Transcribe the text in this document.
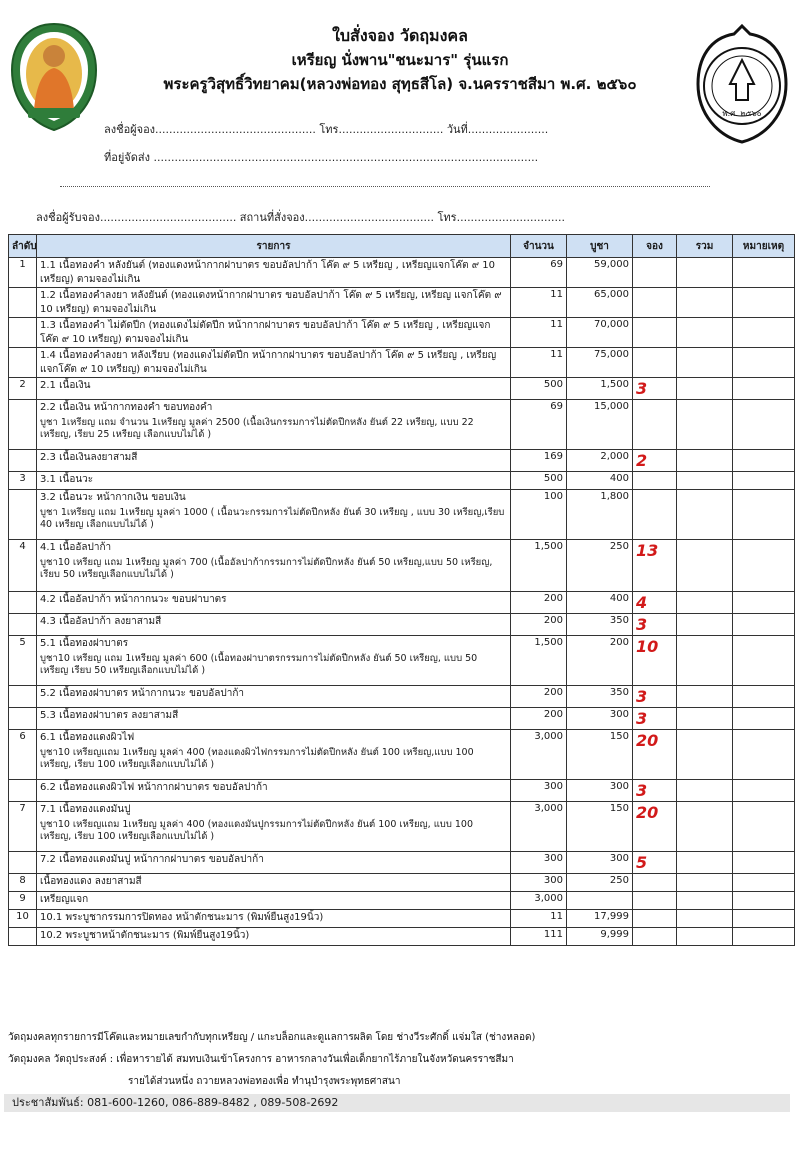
พ.ศ. ๒๕๖๐
ใบสั่งจอง วัดฤมงคล
เหรียญ นั่งพาน"ชนะมาร" รุ่นแรก
พระครูวิสุทธิ์วิทยาคม(หลวงพ่อทอง สุทฺธสีโล) จ.นครราชสีมา พ.ศ. ๒๕๖๐
ลงชื่อผู้จอง.............................................. โทร.............................. วันที่.......................
ที่อยู่จัดส่ง ..............................................................................................................
ลงชื่อผู้รับจอง....................................... สถานที่สั่งจอง..................................... โทร...............................
ลำดับ	รายการ	จำนวน	บูชา	จอง	รวม	หมายเหตุ
1	1.1 เนื้อทองคำ หลังยันต์ (ทองแดงหน้ากากฝาบาตร ขอบอัลปาก้า โค๊ต ๙ 5 เหรียญ , เหรียญแจกโค๊ต ๙ 10 เหรียญ) ตามจองไม่เกิน	69	59,000			

	1.2 เนื้อทองคำลงยา หลังยันต์ (ทองแดงหน้ากากฝาบาตร ขอบอัลปาก้า โค๊ต ๙ 5 เหรียญ, เหรียญ แจกโค๊ต ๙ 10 เหรียญ) ตามจองไม่เกิน	11	65,000			

	1.3 เนื้อทองคำ ไม่ตัดปีก (ทองแดงไม่ตัดปีก หน้ากากฝาบาตร ขอบอัลปาก้า โค๊ต ๙ 5 เหรียญ , เหรียญแจกโค๊ต ๙ 10 เหรียญ) ตามจองไม่เกิน	11	70,000			

	1.4 เนื้อทองคำลงยา หลังเรียบ (ทองแดงไม่ตัดปีก หน้ากากฝาบาตร ขอบอัลปาก้า โค๊ต ๙ 5 เหรียญ , เหรียญแจกโค๊ต ๙ 10 เหรียญ) ตามจองไม่เกิน	11	75,000			
2	2.1 เนื้อเงิน	500	1,500	3		

	2.2 เนื้อเงิน หน้ากากทองคำ ขอบทองคำ
บูชา 1เหรียญ แถม จำนวน 1เหรียญ มูลค่า 2500 (เนื้อเงินกรรมการไม่ตัดปีกหลัง ยันต์ 22 เหรียญ, แบบ 22 เหรียญ, เรียบ 25 เหรียญ เลือกแบบไม่ได้ )	69	15,000			

	2.3 เนื้อเงินลงยาสามสี	169	2,000	2		
3	3.1 เนื้อนวะ	500	400			

	3.2 เนื้อนวะ หน้ากากเงิน ขอบเงิน
บูชา 1เหรียญ แถม 1เหรียญ มูลค่า 1000 ( เนื้อนวะกรรมการไม่ตัดปีกหลัง ยันต์ 30 เหรียญ , แบบ 30 เหรียญ,เรียบ 40 เหรียญ เลือกแบบไม่ได้ )	100	1,800			
4	4.1 เนื้ออัลปาก้า
บูชา10 เหรียญ แถม 1เหรียญ มูลค่า 700 (เนื้ออัลปาก้ากรรมการไม่ตัดปีกหลัง ยันต์ 50 เหรียญ,แบบ 50 เหรียญ, เรียบ 50 เหรียญเลือกแบบไม่ได้ )	1,500	250	13		

	4.2 เนื้ออัลปาก้า หน้ากากนวะ ขอบฝาบาตร	200	400	4		

	4.3 เนื้ออัลปาก้า ลงยาสามสี	200	350	3		
5	5.1 เนื้อทองฝาบาตร
บูชา10 เหรียญ แถม 1เหรียญ มูลค่า 600 (เนื้อทองฝาบาตรกรรมการไม่ตัดปีกหลัง ยันต์ 50 เหรียญ, แบบ 50 เหรียญ เรียบ 50 เหรียญเลือกแบบไม่ได้ )	1,500	200	10		

	5.2 เนื้อทองฝาบาตร หน้ากากนวะ ขอบอัลปาก้า	200	350	3		

	5.3 เนื้อทองฝาบาตร ลงยาสามสี	200	300	3		
6	6.1 เนื้อทองแดงผิวไฟ
บูชา10 เหรียญแถม 1เหรียญ มูลค่า 400 (ทองแดงผิวไฟกรรมการไม่ตัดปีกหลัง ยันต์ 100 เหรียญ,แบบ 100 เหรียญ, เรียบ 100 เหรียญเลือกแบบไม่ได้ )	3,000	150	20		

	6.2 เนื้อทองแดงผิวไฟ หน้ากากฝาบาตร ขอบอัลปาก้า	300	300	3		
7	7.1 เนื้อทองแดงมันปู
บูชา10 เหรียญแถม 1เหรียญ มูลค่า 400 (ทองแดงมันปูกรรมการไม่ตัดปีกหลัง ยันต์ 100 เหรียญ, แบบ 100 เหรียญ, เรียบ 100 เหรียญเลือกแบบไม่ได้ )	3,000	150	20		

	7.2 เนื้อทองแดงมันปู หน้ากากฝาบาตร ขอบอัลปาก้า	300	300	5		
8	เนื้อทองแดง ลงยาสามสี	300	250			
9	เหรียญแจก	3,000				
10	10.1 พระบูชากรรมการปิดทอง หน้าตักชนะมาร (พิมพ์ยืนสูง19นิ้ว)	11	17,999			

	10.2 พระบูชาหน้าตักชนะมาร (พิมพ์ยืนสูง19นิ้ว)	111	9,999			
วัดฤมงคลทุกรายการมีโค๊ตและหมายเลขกำกับทุกเหรียญ / แกะบล็อกและดูแลการผลิต โดย ช่างวีระศักดิ์ แจ่มใส (ช่างหลอด)
วัตถุมงคล วัตถุประสงค์ : เพื่อหารายได้ สมทบเงินเข้าโครงการ อาหารกลางวันเพื่อเด็กยากไร้ภายในจังหวัดนครราชสีมา
รายได้ส่วนหนึ่ง ถวายหลวงพ่อทองเพื่อ ทำนุบำรุงพระพุทธศาสนา
ประชาสัมพันธ์: 081-600-1260, 086-889-8482 , 089-508-2692
